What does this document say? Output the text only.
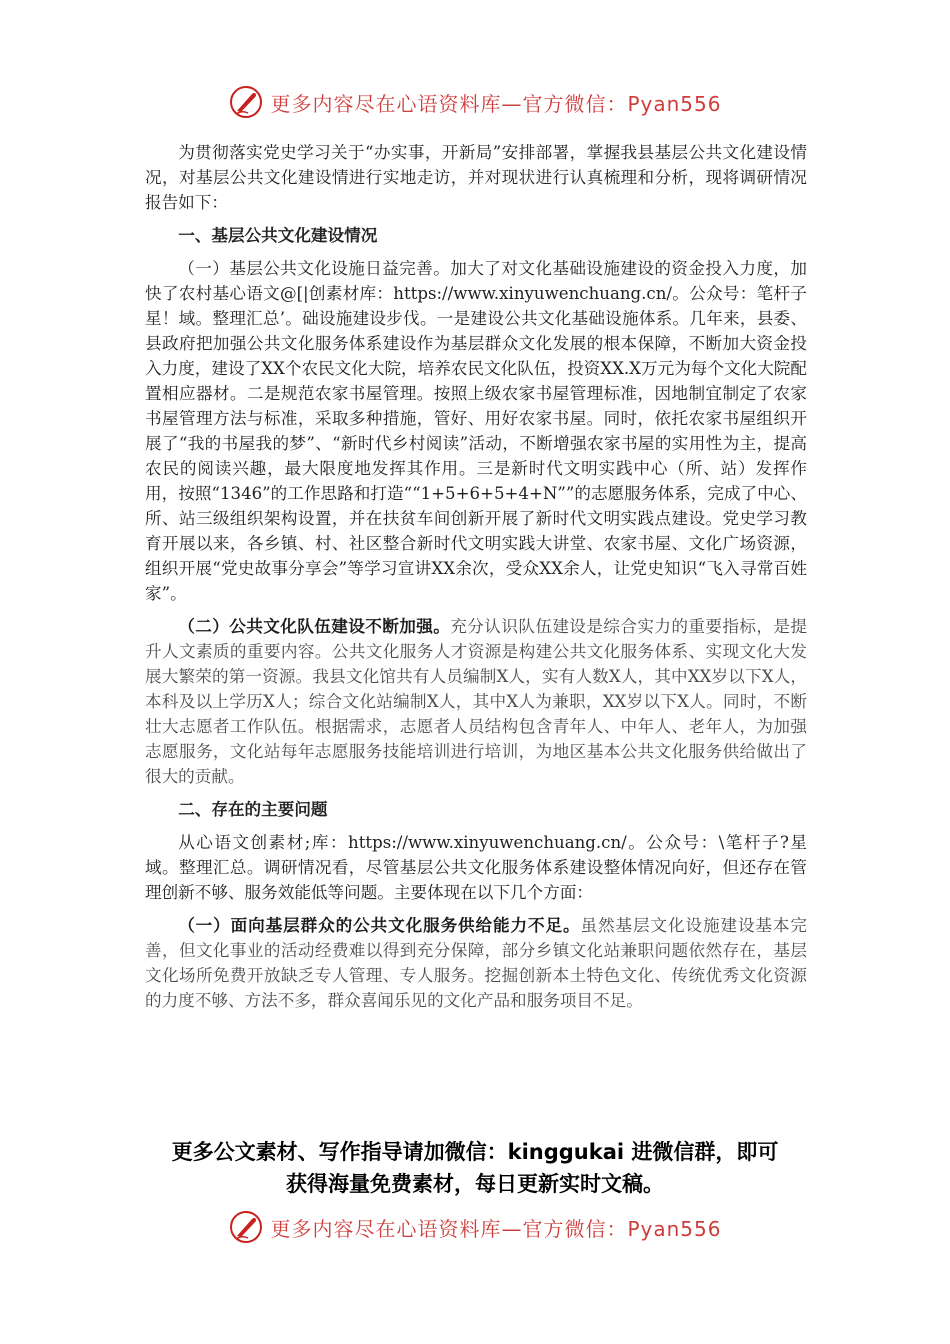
更多内容尽在心语资料库—官方微信：Pyan556

为贯彻落实党史学习关于“办实事，开新局”安排部署，掌握我县基层公共文化建设情况，对基层公共文化建设情进行实地走访，并对现状进行认真梳理和分析，现将调研情况报告如下：

一、基层公共文化建设情况

（一）基层公共文化设施日益完善。加大了对文化基础设施建设的资金投入力度，加快了农村基心语文@[|创素材库：https://www.xinyuwenchuang.cn/。公众号：笔杆子星！域。整理汇总’。础设施建设步伐。一是建设公共文化基础设施体系。几年来，县委、县政府把加强公共文化服务体系建设作为基层群众文化发展的根本保障，不断加大资金投入力度，建设了XX个农民文化大院，培养农民文化队伍，投资XX.X万元为每个文化大院配置相应器材。二是规范农家书屋管理。按照上级农家书屋管理标准，因地制宜制定了农家书屋管理方法与标准，采取多种措施，管好、用好农家书屋。同时，依托农家书屋组织开展了“我的书屋我的梦”、“新时代乡村阅读”活动，不断增强农家书屋的实用性为主，提高农民的阅读兴趣，最大限度地发挥其作用。三是新时代文明实践中心（所、站）发挥作用，按照“1346”的工作思路和打造““1+5+6+5+4+N””的志愿服务体系，完成了中心、所、站三级组织架构设置，并在扶贫车间创新开展了新时代文明实践点建设。党史学习教育开展以来，各乡镇、村、社区整合新时代文明实践大讲堂、农家书屋、文化广场资源，组织开展“党史故事分享会”等学习宣讲XX余次，受众XX余人，让党史知识“飞入寻常百姓家”。

（二）公共文化队伍建设不断加强。充分认识队伍建设是综合实力的重要指标，是提升人文素质的重要内容。公共文化服务人才资源是构建公共文化服务体系、实现文化大发展大繁荣的第一资源。我县文化馆共有人员编制X人，实有人数X人，其中XX岁以下X人，本科及以上学历X人；综合文化站编制X人，其中X人为兼职，XX岁以下X人。同时，不断壮大志愿者工作队伍。根据需求，志愿者人员结构包含青年人、中年人、老年人，为加强志愿服务，文化站每年志愿服务技能培训进行培训，为地区基本公共文化服务供给做出了很大的贡献。

二、存在的主要问题

从心语文创素材;库：https://www.xinyuwenchuang.cn/。公众号：\笔杆子?星域。整理汇总。调研情况看，尽管基层公共文化服务体系建设整体情况向好，但还存在管理创新不够、服务效能低等问题。主要体现在以下几个方面：

（一）面向基层群众的公共文化服务供给能力不足。虽然基层文化设施建设基本完善，但文化事业的活动经费难以得到充分保障，部分乡镇文化站兼职问题依然存在，基层文化场所免费开放缺乏专人管理、专人服务。挖掘创新本土特色文化、传统优秀文化资源的力度不够、方法不多，群众喜闻乐见的文化产品和服务项目不足。

更多公文素材、写作指导请加微信：kinggukai 进微信群，即可
获得海量免费素材，每日更新实时文稿。
更多内容尽在心语资料库—官方微信：Pyan556
